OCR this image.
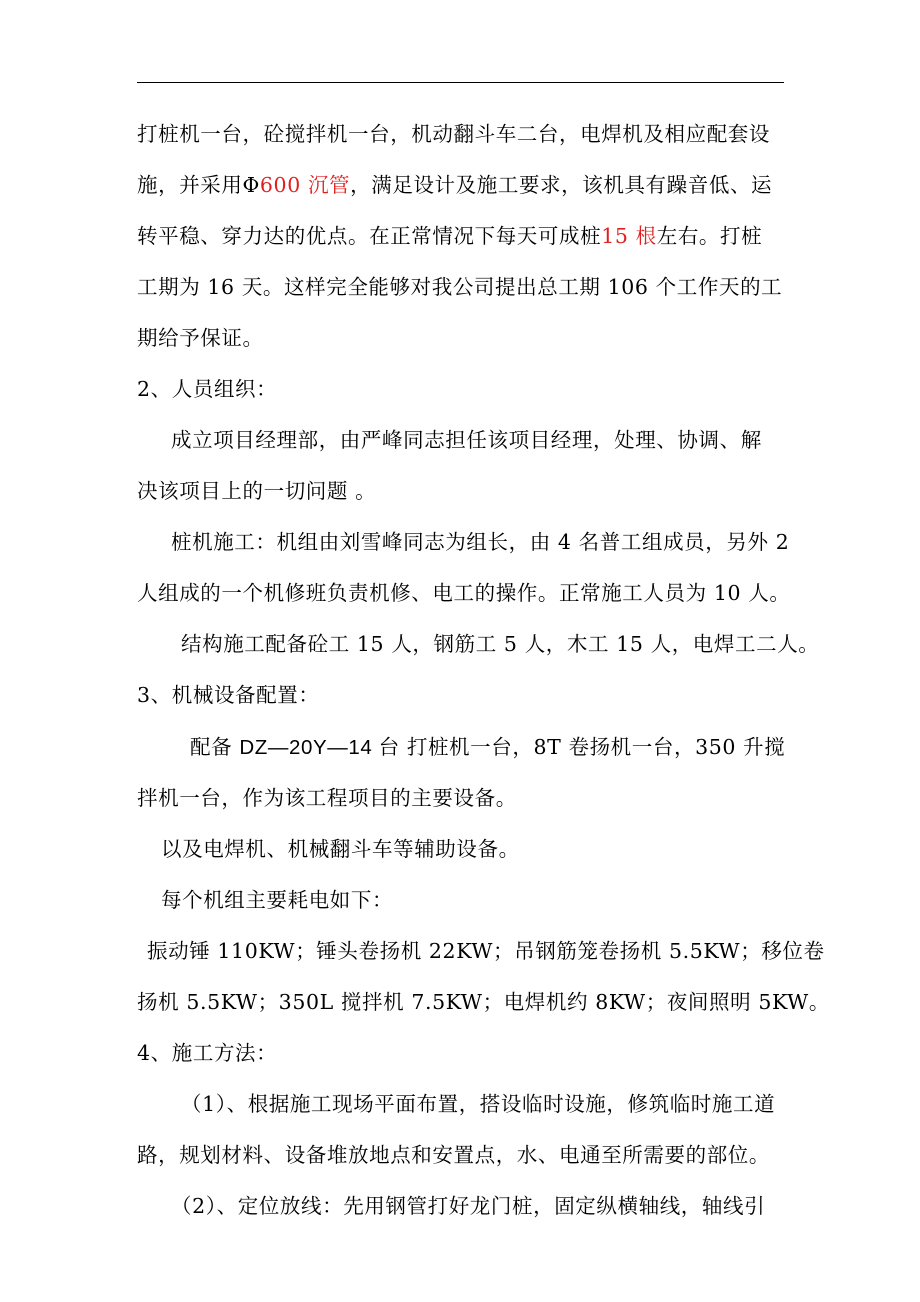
打桩机一台，砼搅拌机一台，机动翻斗车二台，电焊机及相应配套设
施，并采用Φ600 沉管，满足设计及施工要求，该机具有躁音低、运
转平稳、穿力达的优点。在正常情况下每天可成桩15 根左右。打桩
工期为 16 天。这样完全能够对我公司提出总工期 106 个工作天的工
期给予保证。
2、人员组织：
成立项目经理部，由严峰同志担任该项目经理，处理、协调、解
决该项目上的一切问题 。
桩机施工：机组由刘雪峰同志为组长，由 4 名普工组成员，另外 2
人组成的一个机修班负责机修、电工的操作。正常施工人员为 10 人。
结构施工配备砼工 15 人，钢筋工 5 人，木工 15 人，电焊工二人。
3、机械设备配置：
配备 DZ—20Y—14 台 打桩机一台，8T 卷扬机一台，350 升搅
拌机一台，作为该工程项目的主要设备。
以及电焊机、机械翻斗车等辅助设备。
每个机组主要耗电如下：
振动锤 110KW；锤头卷扬机 22KW；吊钢筋笼卷扬机 5.5KW；移位卷
扬机 5.5KW；350L 搅拌机 7.5KW；电焊机约 8KW；夜间照明 5KW。
4、施工方法：
（1）、根据施工现场平面布置，搭设临时设施，修筑临时施工道
路，规划材料、设备堆放地点和安置点，水、电通至所需要的部位。
（2）、定位放线：先用钢管打好龙门桩，固定纵横轴线，轴线引
